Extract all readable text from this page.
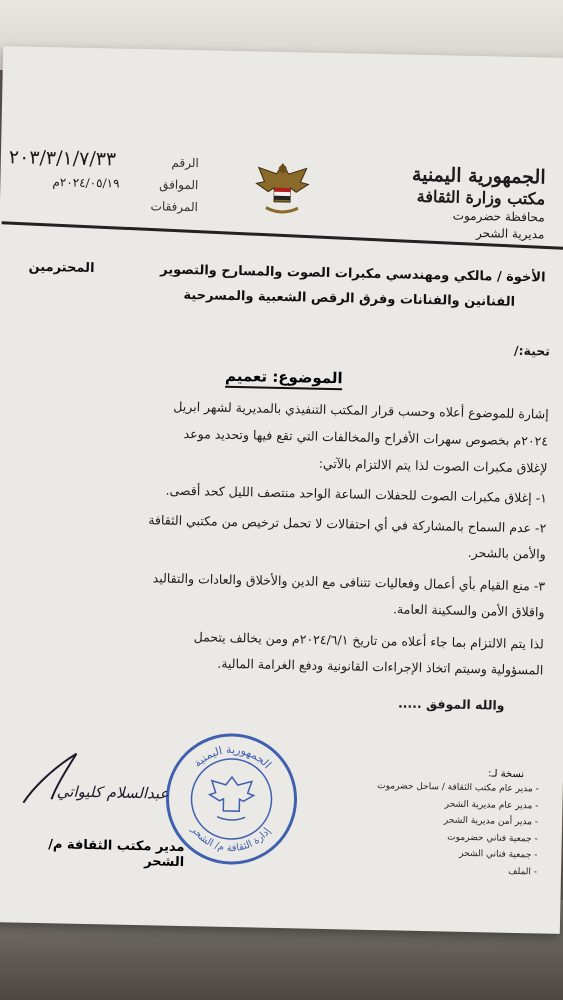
الجمهورية اليمنية
مكتب وزارة الثقافة
محافظة حضرموت
مديرية الشحر
الرقم
٢٠٣/٣/١/٧/٣٣
الموافق
٢٠٢٤/٠٥/١٩م
المرفقات
الأخوة / مالكي ومهندسي مكبرات الصوت والمسارح والتصوير
المحترمين
الفنانين والفنانات وفرق الرقص الشعبية والمسرحية
تحية:/
الموضوع: تعميم
إشارة للموضوع أعلاه وحسب قرار المكتب التنفيذي بالمديرية لشهر ابريل
٢٠٢٤م بخصوص سهرات الأفراح والمخالفات التي تقع فيها وتحديد موعد
لإغلاق مكبرات الصوت لذا يتم الالتزام بالآتي:
١- إغلاق مكبرات الصوت للحفلات الساعة الواحد منتصف الليل كحد أقصى.
٢- عدم السماح بالمشاركة في أي احتفالات لا تحمل ترخيص من مكتبي الثقافة
والأمن بالشحر.
٣- منع القيام بأي أعمال وفعاليات تتنافى مع الدين والأخلاق والعادات والتقاليد
واقلاق الأمن والسكينة العامة.
لذا يتم الالتزام بما جاء أعلاه من تاريخ ٢٠٢٤/٦/١م ومن يخالف يتحمل
المسؤولية وسيتم اتخاذ الإجراءات القانونية ودفع الغرامة المالية.
والله الموفق .....
الجمهورية اليمنية
إدارة الثقافة م/ الشحر
عبدالسلام كليواتي
مدير مكتب الثقافة م/ الشحر
نسخة لـ:
- مدير عام مكتب الثقافة / ساحل حضرموت
- مدير عام مديرية الشحر
- مدير أمن مديرية الشحر
- جمعية فناني حضرموت
- جمعية فناني الشحر
- الملف
